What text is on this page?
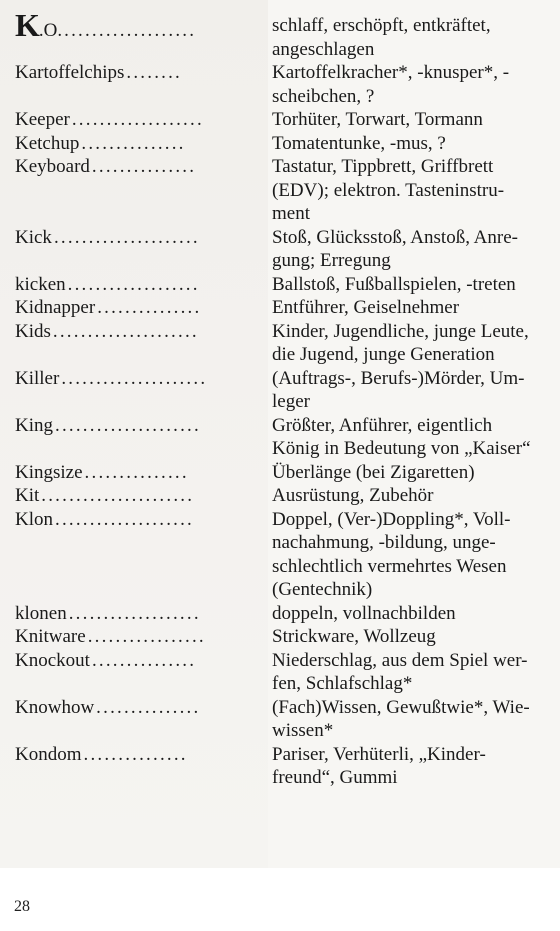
K.O. ...................	schlaff, erschöpft, entkräftet,
angeschlagen
Kartoffelchips ........	Kartoffelkracher*, -knusper*, -
scheibchen, ?
Keeper ...................	Torhüter, Torwart, Tormann
Ketchup ...............	Tomatentunke, -mus, ?
Keyboard ...............	Tastatur, Tippbrett, Griffbrett
(EDV); elektron. Tasteninstru-
ment
Kick .....................	Stoß, Glücksstoß, Anstoß, Anre-
gung; Erregung
kicken ...................	Ballstoß, Fußballspielen, -treten
Kidnapper ...............	Entführer, Geiselnehmer
Kids .....................	Kinder, Jugendliche, junge Leute,
die Jugend, junge Generation
Killer .....................	(Auftrags-, Berufs-)Mörder, Um-
leger
King .....................	Größter, Anführer, eigentlich
König in Bedeutung von „Kaiser“
Kingsize ...............	Überlänge (bei Zigaretten)
Kit ......................	Ausrüstung, Zubehör
Klon ....................	Doppel, (Ver-)Doppling*, Voll-
nachahmung, -bildung, unge-
schlechtlich vermehrtes Wesen
(Gentechnik)
klonen ...................	doppeln, vollnachbilden
Knitware .................	Strickware, Wollzeug
Knockout ...............	Niederschlag, aus dem Spiel wer-
fen, Schlafschlag*
Knowhow ...............	(Fach)Wissen, Gewußtwie*, Wie-
wissen*
Kondom ...............	Pariser, Verhüterli, „Kinder-
freund“, Gummi
28
